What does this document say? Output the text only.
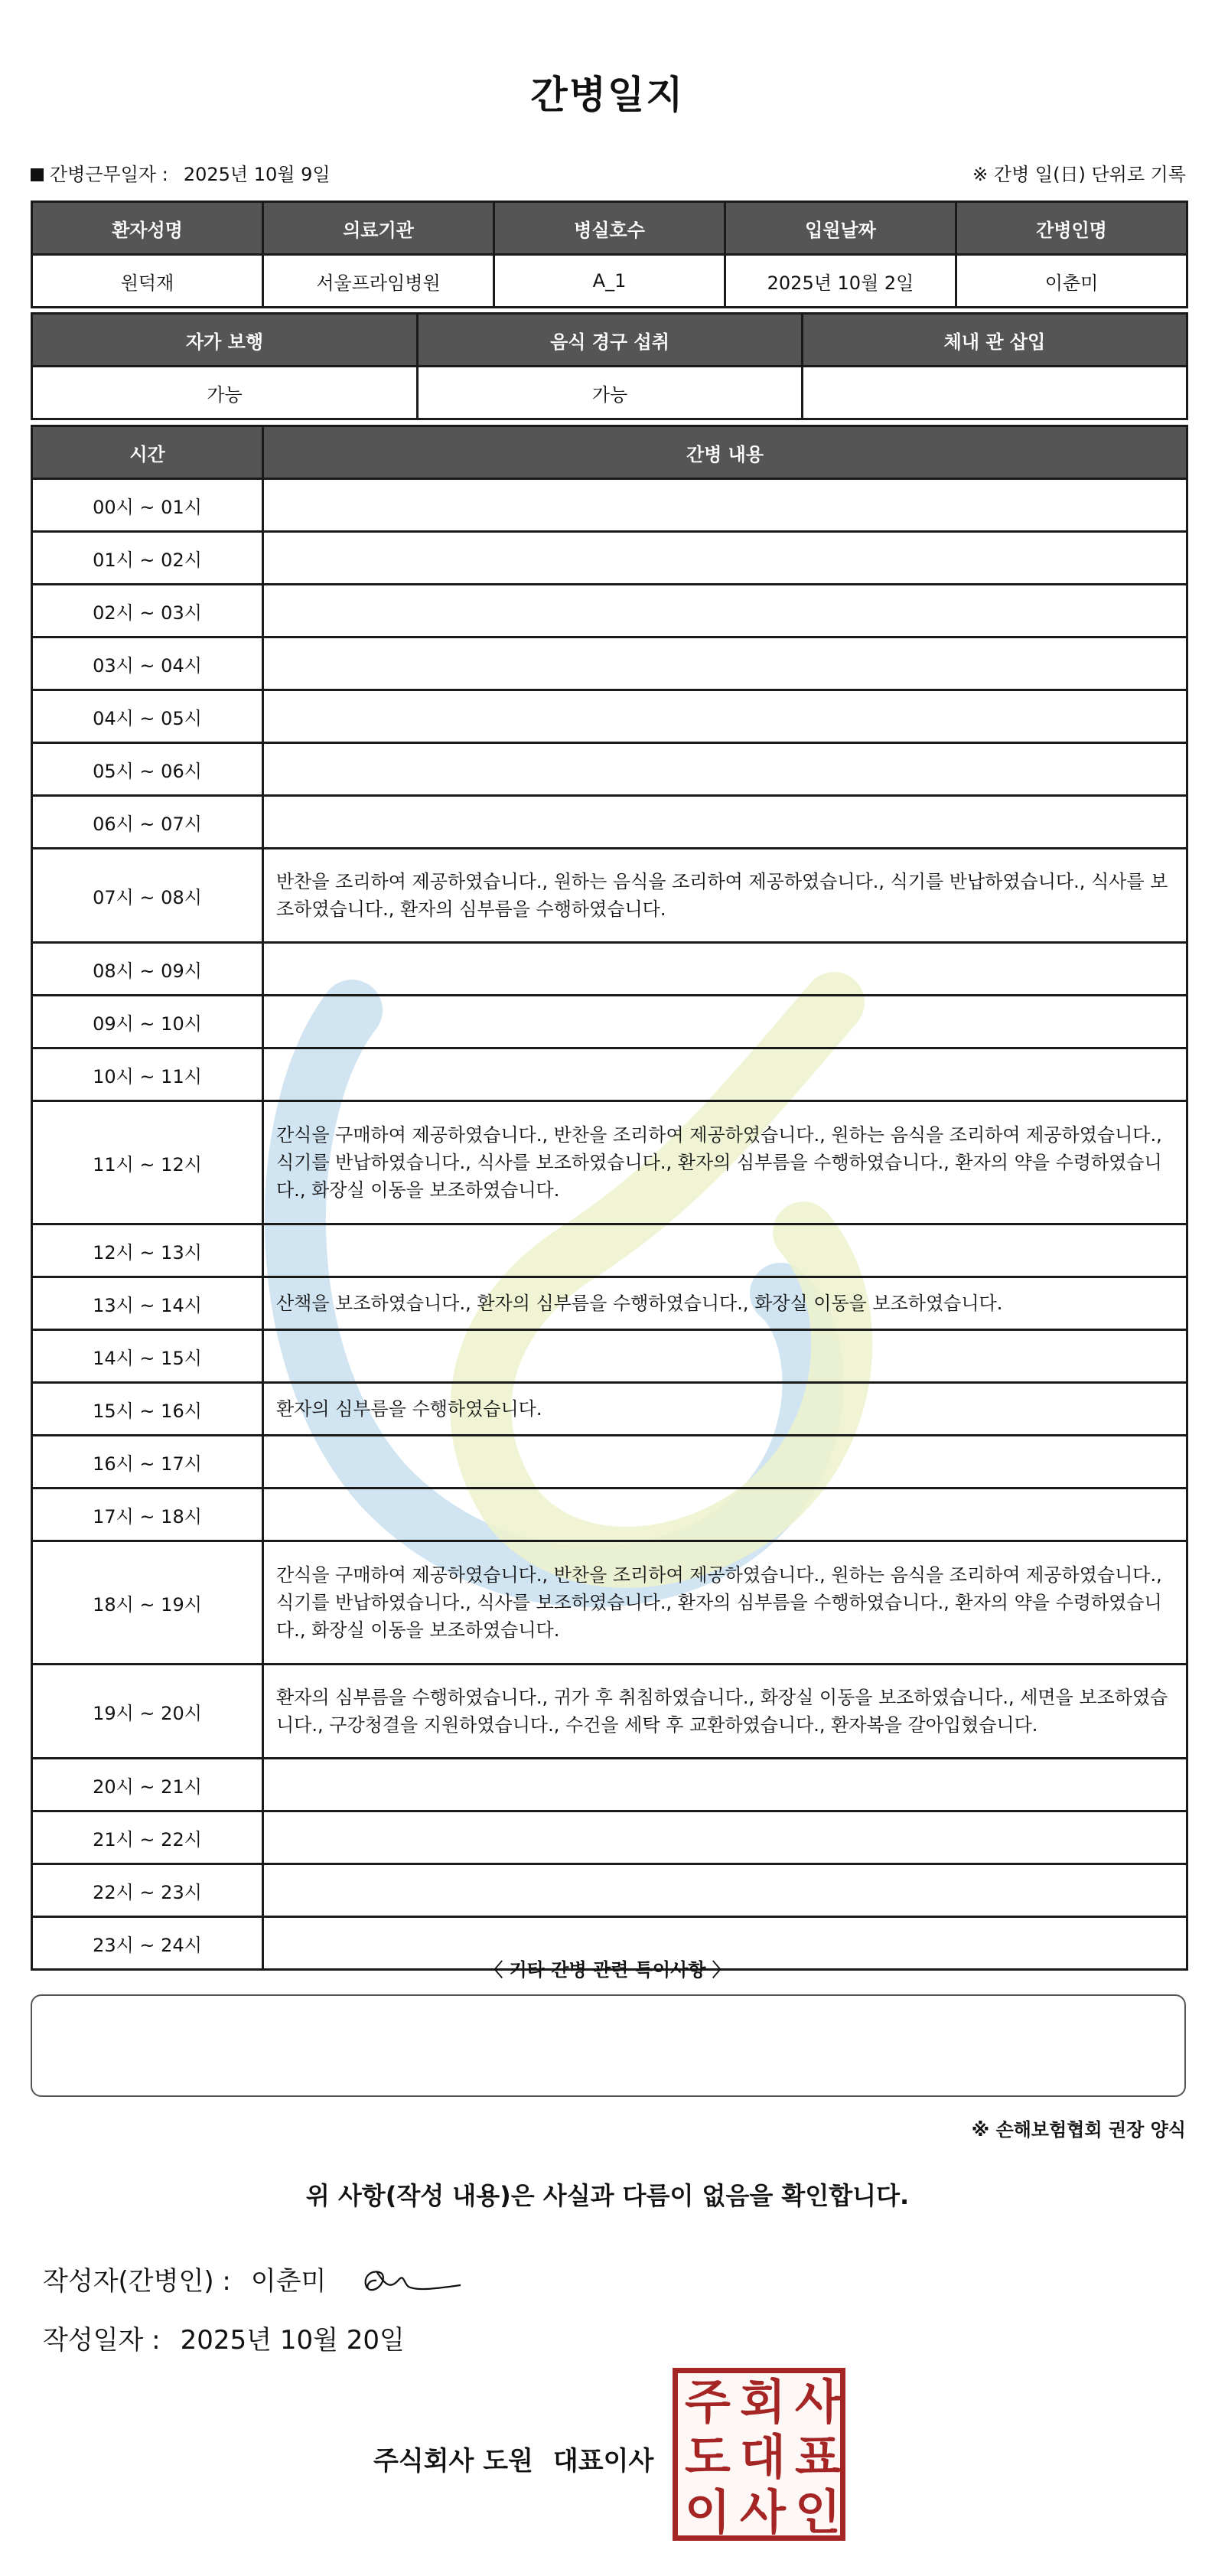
간병일지
간병근무일자 : 2025년 10월 9일	※ 간병 일(日) 단위로 기록
환자성명	의료기관	병실호수	입원날짜	간병인명
원덕재	서울프라임병원	A_1	2025년 10월 2일	이춘미
자가 보행	음식 경구 섭취	체내 관 삽입
가능	가능	
시간	간병 내용
00시 ~ 01시	
01시 ~ 02시	
02시 ~ 03시	
03시 ~ 04시	
04시 ~ 05시	
05시 ~ 06시	
06시 ~ 07시	
07시 ~ 08시	반찬을 조리하여 제공하였습니다., 원하는 음식을 조리하여 제공하였습니다., 식기를 반납하였습니다., 식사를 보조하였습니다., 환자의 심부름을 수행하였습니다.
08시 ~ 09시	
09시 ~ 10시	
10시 ~ 11시	
11시 ~ 12시	간식을 구매하여 제공하였습니다., 반찬을 조리하여 제공하였습니다., 원하는 음식을 조리하여 제공하였습니다., 식기를 반납하였습니다., 식사를 보조하였습니다., 환자의 심부름을 수행하였습니다., 환자의 약을 수령하였습니다., 화장실 이동을 보조하였습니다.
12시 ~ 13시	
13시 ~ 14시	산책을 보조하였습니다., 환자의 심부름을 수행하였습니다., 화장실 이동을 보조하였습니다.
14시 ~ 15시	
15시 ~ 16시	환자의 심부름을 수행하였습니다.
16시 ~ 17시	
17시 ~ 18시	
18시 ~ 19시	간식을 구매하여 제공하였습니다., 반찬을 조리하여 제공하였습니다., 원하는 음식을 조리하여 제공하였습니다., 식기를 반납하였습니다., 식사를 보조하였습니다., 환자의 심부름을 수행하였습니다., 환자의 약을 수령하였습니다., 화장실 이동을 보조하였습니다.
19시 ~ 20시	환자의 심부름을 수행하였습니다., 귀가 후 취침하였습니다., 화장실 이동을 보조하였습니다., 세면을 보조하였습니다., 구강청결을 지원하였습니다., 수건을 세탁 후 교환하였습니다., 환자복을 갈아입혔습니다.
20시 ~ 21시	
21시 ~ 22시	
22시 ~ 23시	
23시 ~ 24시	
〈 기타 간병 관련 특이사항 〉
※ 손해보험협회 권장 양식
위 사항(작성 내용)은 사실과 다름이 없음을 확인합니다.
작성자(간병인) : 이춘미
작성일자 : 2025년 10월 20일
주식회사 도원 대표이사
주 회 사
도 대 표
이 사 인
